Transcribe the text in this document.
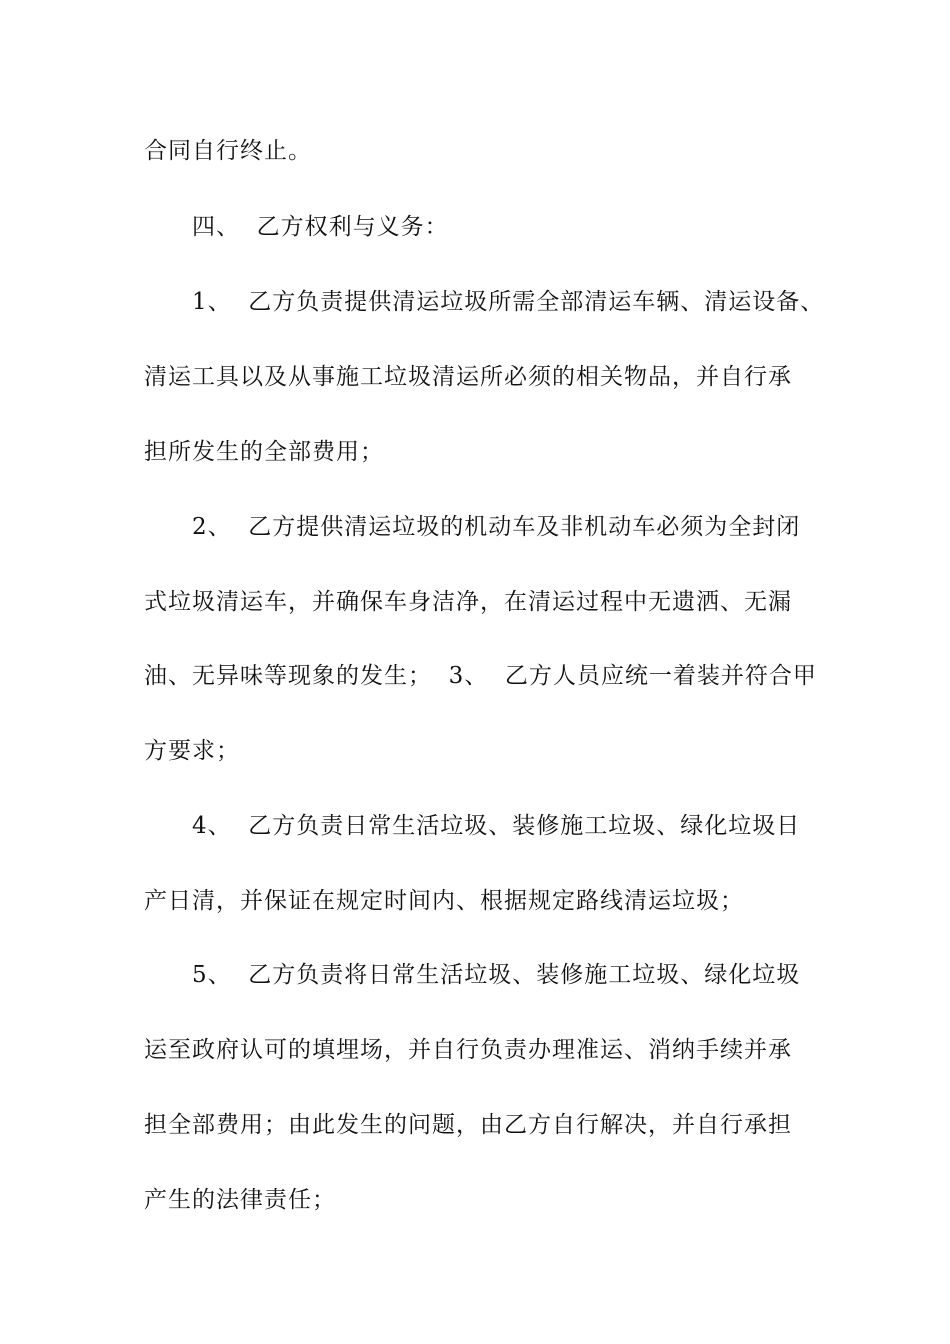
合同自行终止。
四、  乙方权利与义务：
1、  乙方负责提供清运垃圾所需全部清运车辆、清运设备、
清运工具以及从事施工垃圾清运所必须的相关物品，并自行承
担所发生的全部费用；
2、  乙方提供清运垃圾的机动车及非机动车必须为全封闭
式垃圾清运车，并确保车身洁净，在清运过程中无遗洒、无漏
油、无异味等现象的发生；  3、  乙方人员应统一着装并符合甲
方要求；
4、  乙方负责日常生活垃圾、装修施工垃圾、绿化垃圾日
产日清，并保证在规定时间内、根据规定路线清运垃圾；
5、  乙方负责将日常生活垃圾、装修施工垃圾、绿化垃圾
运至政府认可的填埋场，并自行负责办理准运、消纳手续并承
担全部费用；由此发生的问题，由乙方自行解决，并自行承担
产生的法律责任；
